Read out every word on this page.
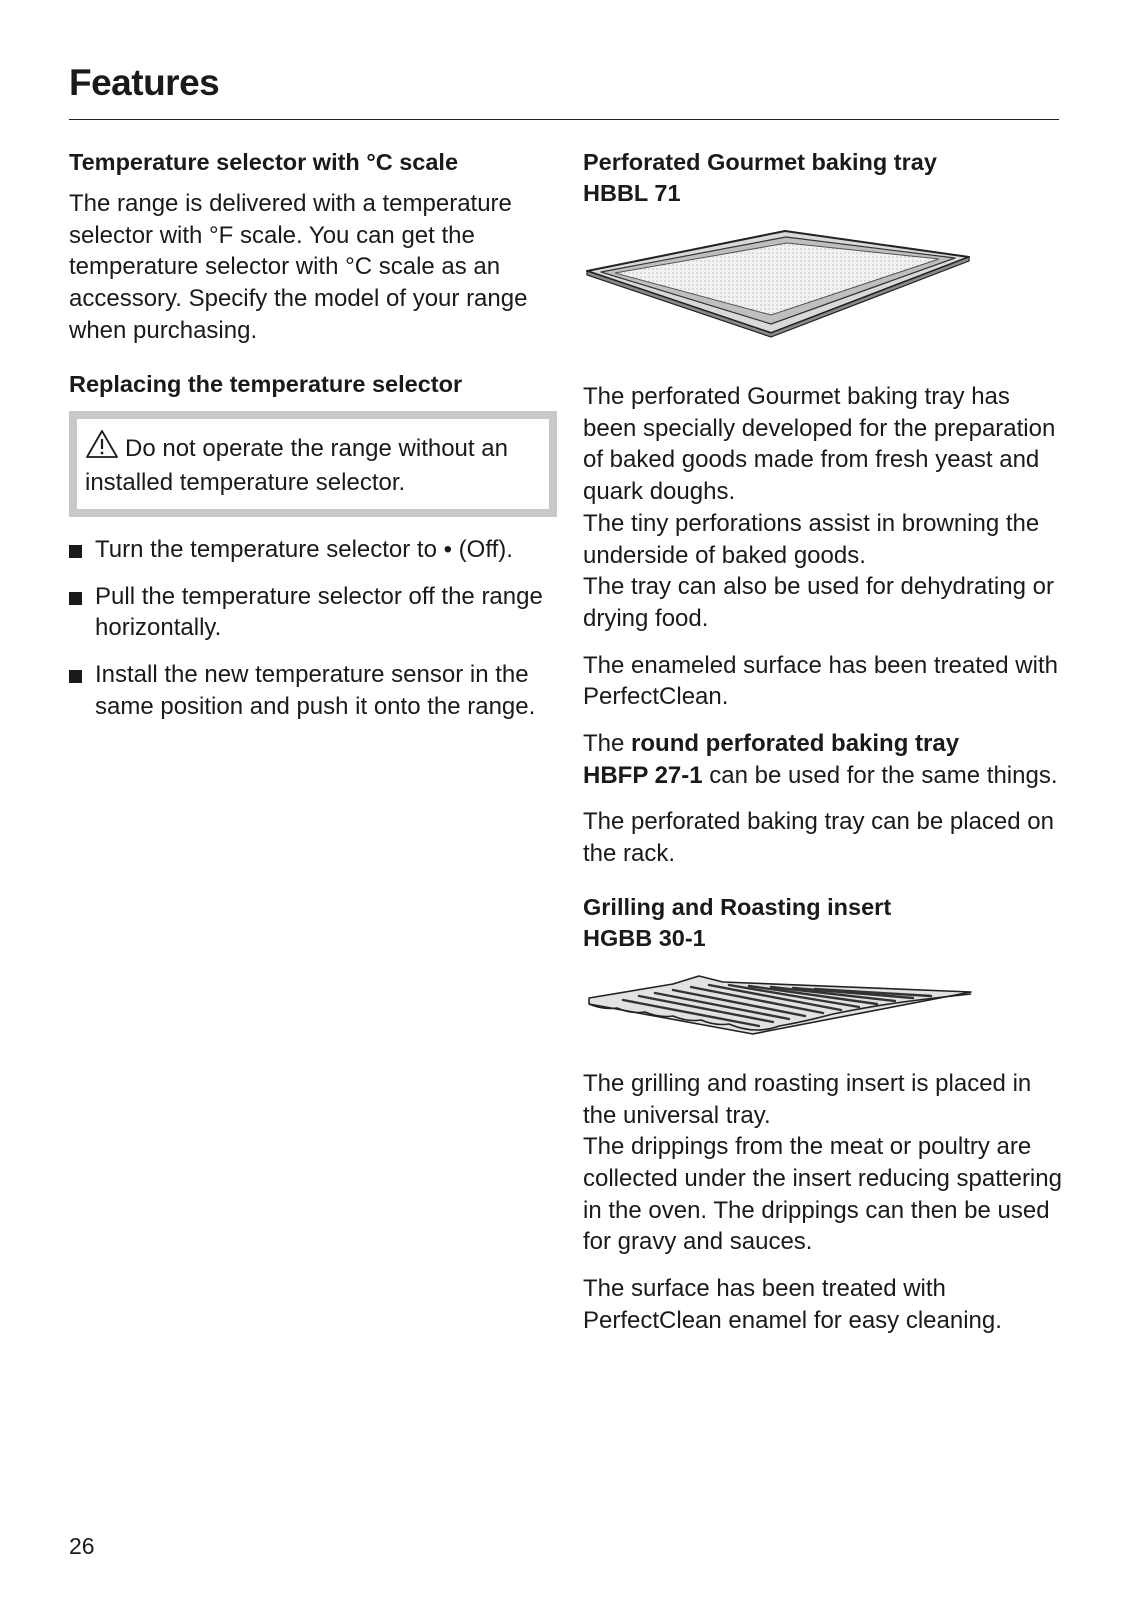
Features
Temperature selector with °C scale

The range is delivered with a temperature selector with °F scale. You can get the temperature selector with °C scale as an accessory. Specify the model of your range when purchasing.

Replacing the temperature selector

Do not operate the range without an installed temperature selector.

Turn the temperature selector to • (Off).
Pull the temperature selector off the range horizontally.
Install the new temperature sensor in the same position and push it onto the range.
Perforated Gourmet baking tray
HBBL 71

The perforated Gourmet baking tray has been specially developed for the preparation of baked goods made from fresh yeast and quark doughs.

The tiny perforations assist in browning the underside of baked goods.

The tray can also be used for dehydrating or drying food.

The enameled surface has been treated with PerfectClean.

The round perforated baking tray
HBFP 27-1 can be used for the same things.

The perforated baking tray can be placed on the rack.

Grilling and Roasting insert
HGBB 30-1

The grilling and roasting insert is placed in the universal tray.

The drippings from the meat or poultry are collected under the insert reducing spattering in the oven. The drippings can then be used for gravy and sauces.

The surface has been treated with PerfectClean enamel for easy cleaning.

26
